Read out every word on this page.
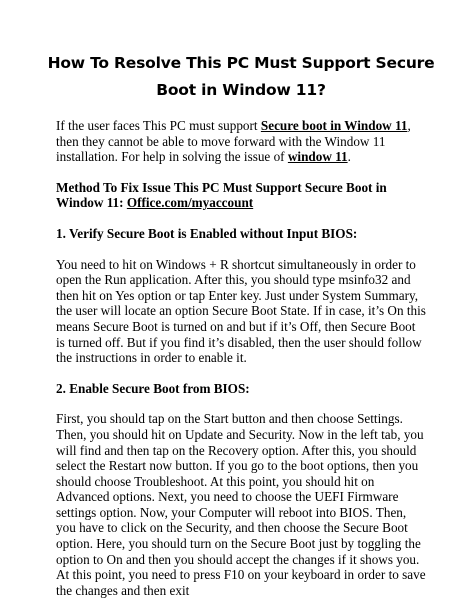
How To Resolve This PC Must Support Secure Boot in Window 11?

If the user faces This PC must support Secure boot in Window 11, then they cannot be able to move forward with the Window 11 installation. For help in solving the issue of window 11.

Method To Fix Issue This PC Must Support Secure Boot in Window 11: Office.com/myaccount

1. Verify Secure Boot is Enabled without Input BIOS:

You need to hit on Windows + R shortcut simultaneously in order to open the Run application. After this, you should type msinfo32 and then hit on Yes option or tap Enter key. Just under System Summary, the user will locate an option Secure Boot State. If in case, it’s On this means Secure Boot is turned on and but if it’s Off, then Secure Boot is turned off. But if you find it’s disabled, then the user should follow the instructions in order to enable it.

2. Enable Secure Boot from BIOS:

First, you should tap on the Start button and then choose Settings. Then, you should hit on Update and Security. Now in the left tab, you will find and then tap on the Recovery option. After this, you should select the Restart now button. If you go to the boot options, then you should choose Troubleshoot. At this point, you should hit on Advanced options. Next, you need to choose the UEFI Firmware settings option. Now, your Computer will reboot into BIOS. Then, you have to click on the Security, and then choose the Secure Boot option. Here, you should turn on the Secure Boot just by toggling the option to On and then you should accept the changes if it shows you. At this point, you need to press F10 on your keyboard in order to save the changes and then exit
